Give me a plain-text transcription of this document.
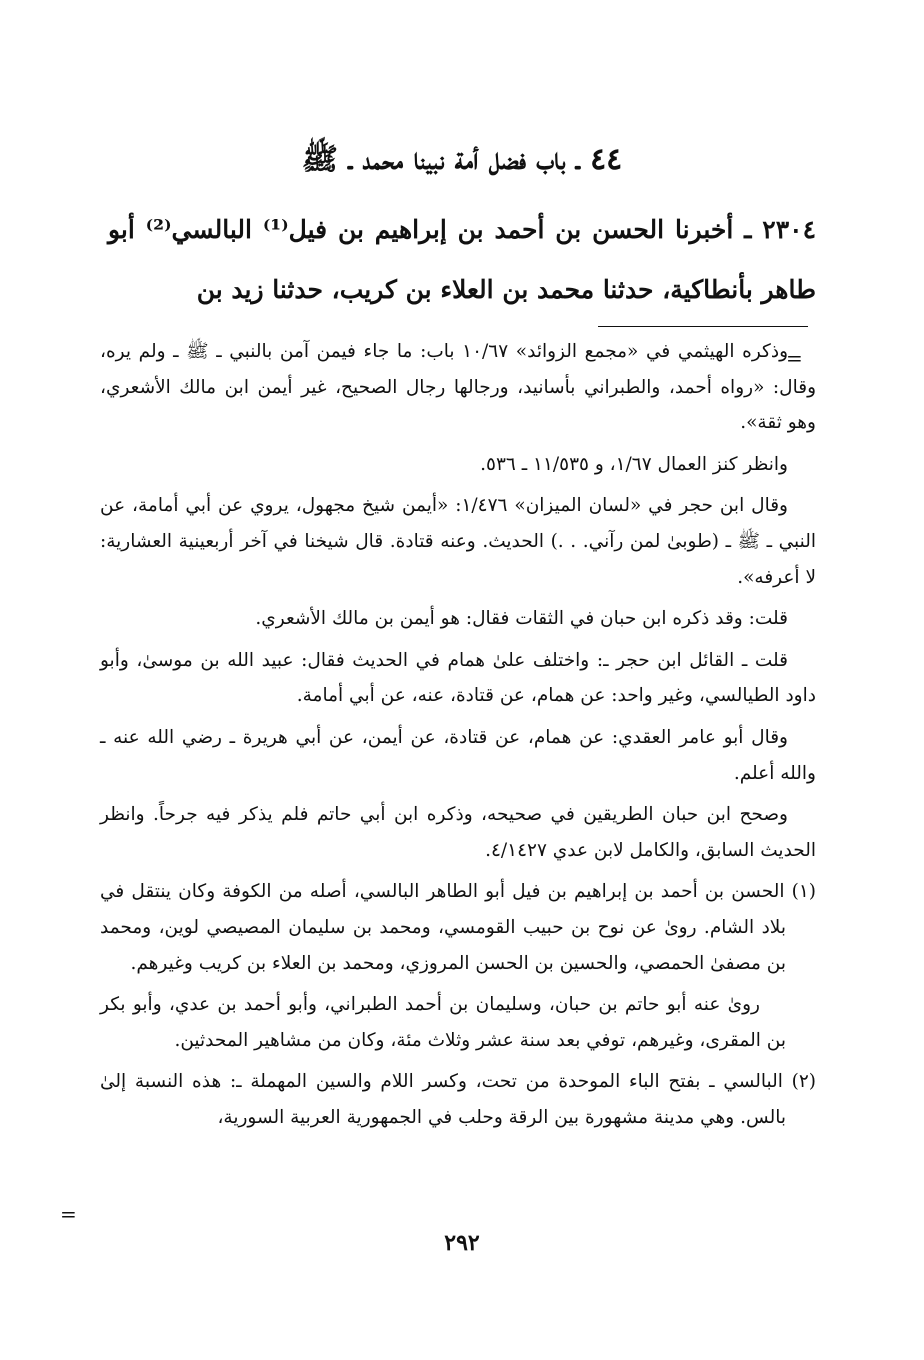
٤٤ ـ باب فضل أمة نبينا محمد ـ ﷺ

٢٣٠٤ ـ أخبرنا الحسن بن أحمد بن إبراهيم بن فيل⁽¹⁾ البالسي⁽²⁾ أبو طاهر بأنطاكية، حدثنا محمد بن العلاء بن كريب، حدثنا زيد بن

=

وذكره الهيثمي في «مجمع الزوائد» ١٠/٦٧ باب: ما جاء فيمن آمن بالنبي ـ ﷺ ـ ولم يره، وقال: «رواه أحمد، والطبراني بأسانيد، ورجالها رجال الصحيح، غير أيمن ابن مالك الأشعري، وهو ثقة».

وانظر كنز العمال ١/٦٧، و ١١/٥٣٥ ـ ٥٣٦.

وقال ابن حجر في «لسان الميزان» ١/٤٧٦: «أيمن شيخ مجهول، يروي عن أبي أمامة، عن النبي ـ ﷺ ـ (طوبىٰ لمن رآني. . .) الحديث. وعنه قتادة. قال شيخنا في آخر أربعينية العشارية: لا أعرفه».

قلت: وقد ذكره ابن حبان في الثقات فقال: هو أيمن بن مالك الأشعري.

قلت ـ القائل ابن حجر ـ: واختلف علىٰ همام في الحديث فقال: عبيد الله بن موسىٰ، وأبو داود الطيالسي، وغير واحد: عن همام، عن قتادة، عنه، عن أبي أمامة.

وقال أبو عامر العقدي: عن همام، عن قتادة، عن أيمن، عن أبي هريرة ـ رضي الله عنه ـ والله أعلم.

وصحح ابن حبان الطريقين في صحيحه، وذكره ابن أبي حاتم فلم يذكر فيه جرحاً. وانظر الحديث السابق، والكامل لابن عدي ٤/١٤٢٧.

(١) الحسن بن أحمد بن إبراهيم بن فيل أبو الطاهر البالسي، أصله من الكوفة وكان ينتقل في بلاد الشام. روىٰ عن نوح بن حبيب القومسي، ومحمد بن سليمان المصيصي لوين، ومحمد بن مصفىٰ الحمصي، والحسين بن الحسن المروزي، ومحمد بن العلاء بن كريب وغيرهم.

روىٰ عنه أبو حاتم بن حبان، وسليمان بن أحمد الطبراني، وأبو أحمد بن عدي، وأبو بكر بن المقرى، وغيرهم، توفي بعد سنة عشر وثلاث مئة، وكان من مشاهير المحدثين.

(٢) البالسي ـ بفتح الباء الموحدة من تحت، وكسر اللام والسين المهملة ـ: هذه النسبة إلىٰ بالس. وهي مدينة مشهورة بين الرقة وحلب في الجمهورية العربية السورية،

=

٢٩٢
